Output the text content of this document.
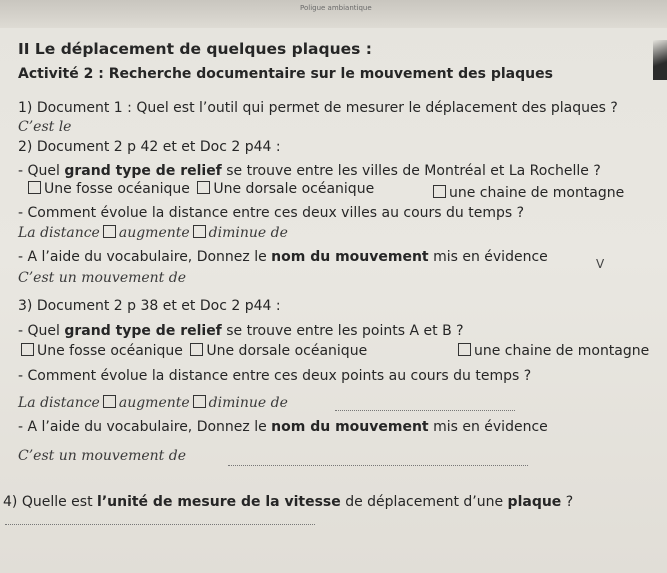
Poligue ambiantique
II Le déplacement de quelques plaques :
Activité 2 : Recherche documentaire sur le mouvement des plaques
1) Document 1 : Quel est l’outil qui permet de mesurer le déplacement des plaques ?
C’est le
2) Document 2 p 42 et et Doc 2 p44 :
- Quel grand type de relief se trouve entre les villes de Montréal et La Rochelle ?
Une fosse océanique Une dorsale océanique	une chaine de montagne
- Comment évolue la distance entre ces deux villes au cours du temps ?
La distance augmente diminue de
- A l’aide du vocabulaire, Donnez le nom du mouvement mis en évidence	V
C’est un mouvement de
3) Document 2 p 38 et et Doc 2 p44 :
- Quel grand type de relief se trouve entre les points A et B ?
Une fosse océanique Une dorsale océanique	une chaine de montagne
- Comment évolue la distance entre ces deux points au cours du temps ?
La distance augmente diminue de
- A l’aide du vocabulaire, Donnez le nom du mouvement mis en évidence
C’est un mouvement de
4) Quelle est l’unité de mesure de la vitesse de déplacement d’une plaque ?
